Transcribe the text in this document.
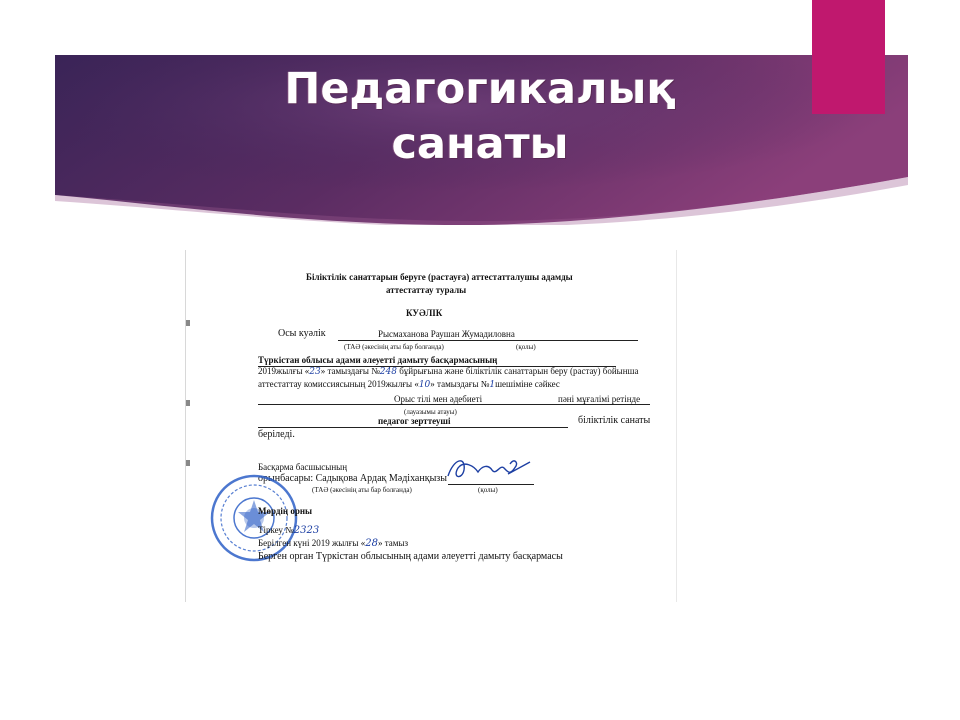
Педагогикалық
санаты
Біліктілік санаттарын беруге (растауға) аттестатталушы адамды
аттестаттау туралы
КУӘЛІК
Осы куәлік	Рысмаханова Раушан Жумадиловна
(ТАӘ (әкесінің аты бар болғанда)	(қолы)
Түркістан облысы адами әлеуетті дамыту басқармасының
2019жылғы «23» тамыздағы №248 бұйрығына және біліктілік санаттарын беру (растау) бойынша
аттестаттау комиссиясының 2019жылғы «10» тамыздағы №1шешіміне сәйкес
Орыс тілі мен әдебиеті	пәні мұғалімі ретінде
(лауазымы атауы)
педагог зерттеуші	біліктілік санаты
беріледі.
Басқарма басшысының
орынбасары: Садықова Ардақ Мәдіханқызы
(ТАӘ (әкесінің аты бар болғанда)	(қолы)
Мөрдің орны
Тіркеу №2323
Берілген күні 2019 жылғы «28» тамыз
Берген орган Түркістан облысының адами әлеуетті дамыту басқармасы
